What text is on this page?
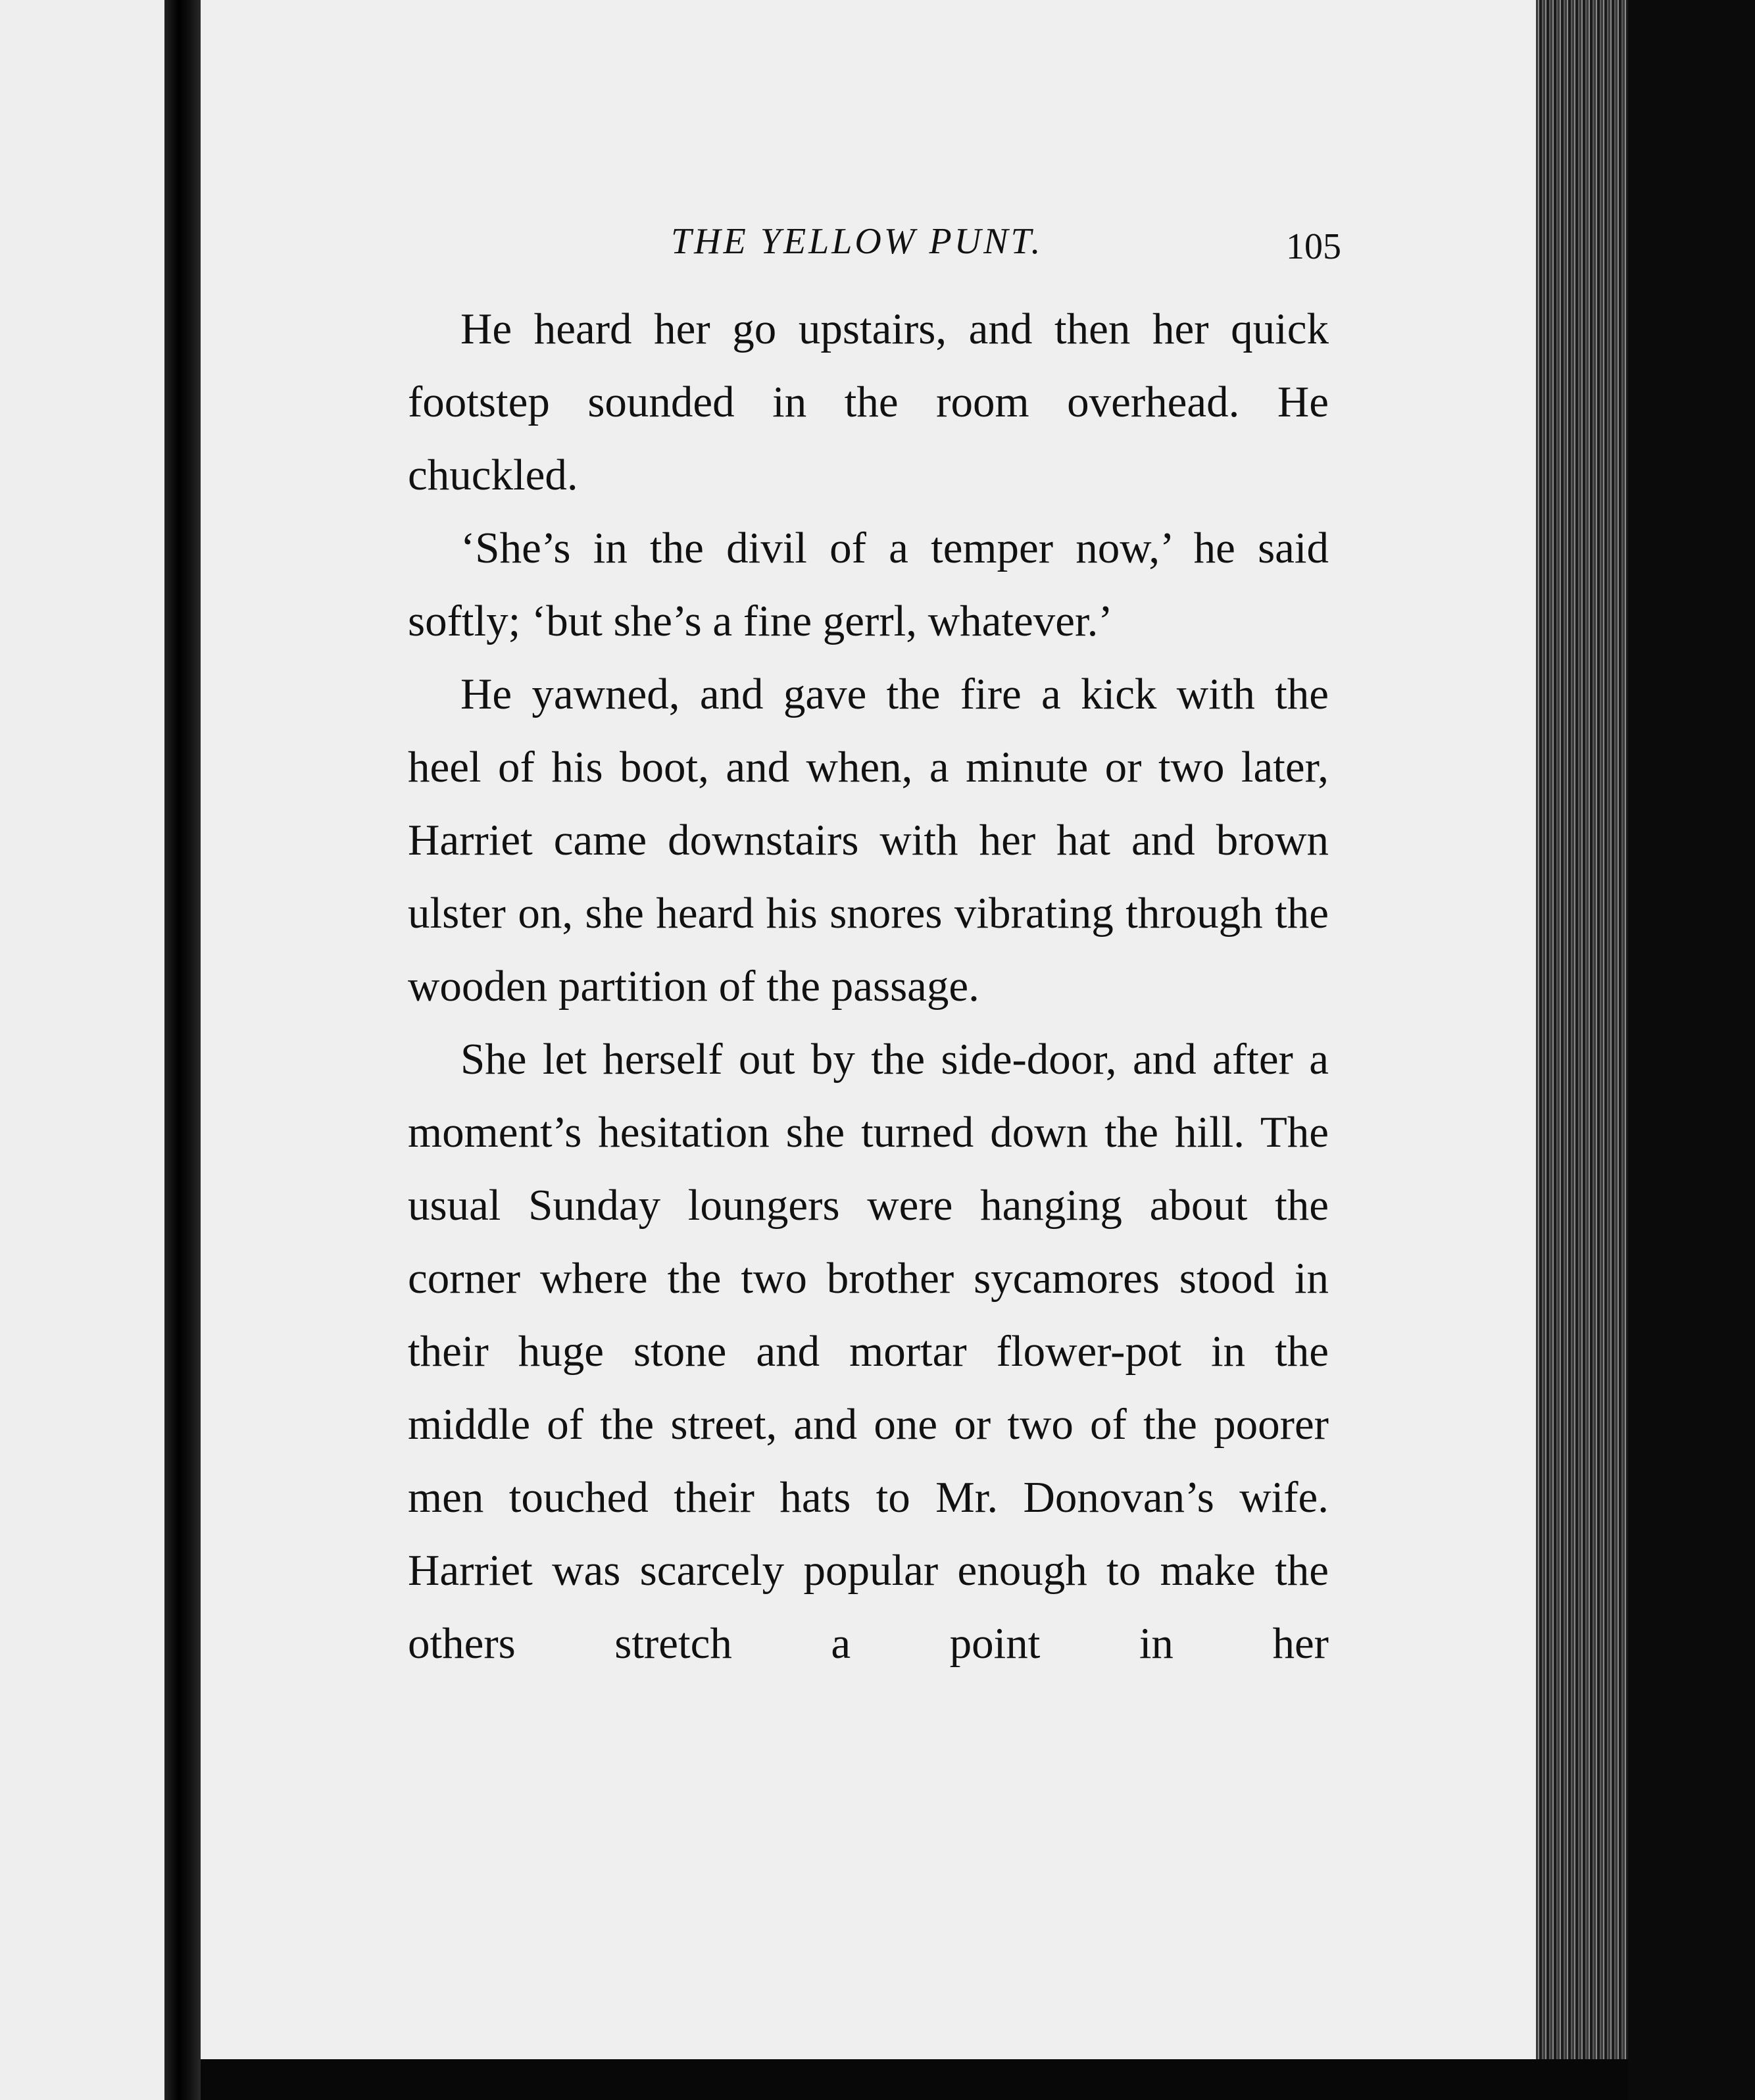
THE YELLOW PUNT.	105

He heard her go upstairs, and then her quick footstep sounded in the room overhead. He chuckled.

‘She’s in the divil of a temper now,’ he said softly; ‘but she’s a fine gerrl, whatever.’

He yawned, and gave the fire a kick with the heel of his boot, and when, a minute or two later, Harriet came downstairs with her hat and brown ulster on, she heard his snores vibrating through the wooden partition of the passage.

She let herself out by the side-door, and after a moment’s hesitation she turned down the hill. The usual Sunday loungers were hanging about the corner where the two brother sycamores stood in their huge stone and mortar flower-pot in the middle of the street, and one or two of the poorer men touched their hats to Mr. Donovan’s wife. Harriet was scarcely popular enough to make the others stretch a point in her
